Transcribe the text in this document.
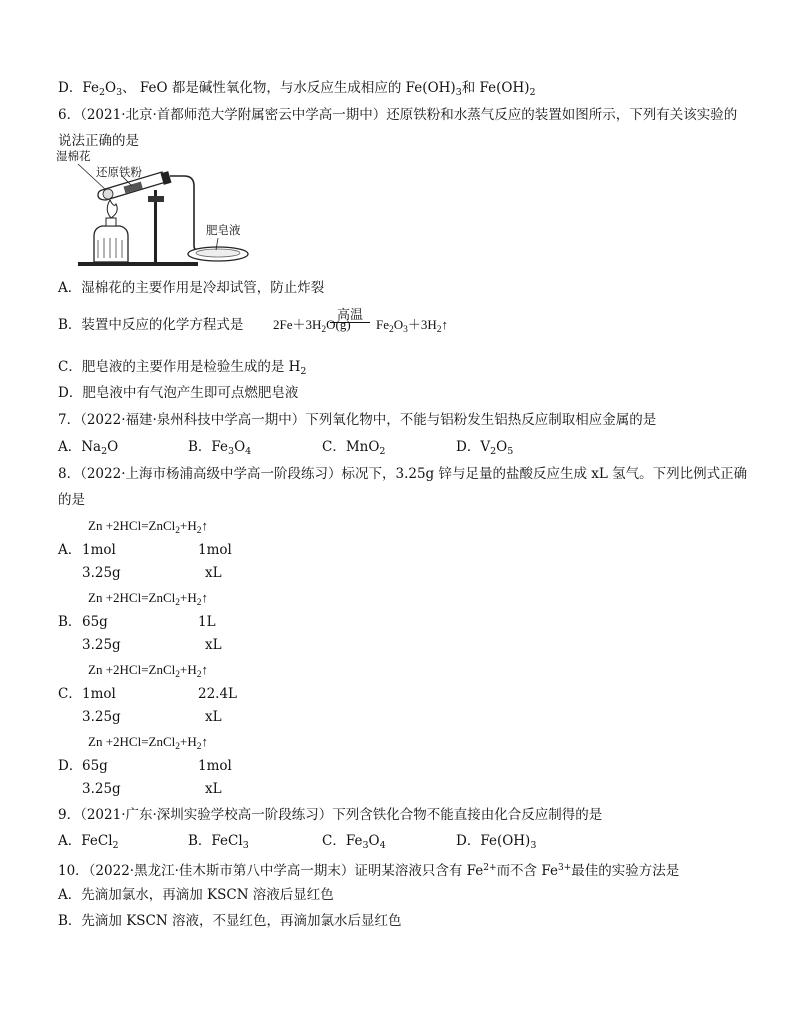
D．$Fe_2O_3$、 FeO 都是碱性氧化物，与水反应生成相应的 $Fe(OH)_3$和 $Fe(OH)_2$
6．（2021·北京·首都师范大学附属密云中学高一期中）还原铁粉和水蒸气反应的装置如图所示，下列有关该实验的
说法正确的是
湿棉花
还原铁粉
肥皂液
A．湿棉花的主要作用是冷却试管，防止炸裂
B．装置中反应的化学方程式是 $2Fe+3H_2O(g)$
高温
$Fe_2O_3+3H_2↑$
C．肥皂液的主要作用是检验生成的是 $H_2$
D．肥皂液中有气泡产生即可点燃肥皂液
7．（2022·福建·泉州科技中学高一期中）下列氧化物中，不能与铝粉发生铝热反应制取相应金属的是
A．$Na_2O$	B．$Fe_3O_4$	C．MnO$_2$	D．$V_2O_5$
8．（2022·上海市杨浦高级中学高一阶段练习）标况下，3.25g 锌与足量的盐酸反应生成 xL 氢气。下列比例式正确
的是
$Zn +2HCl=ZnCl_2+H_2↑$
A． 1mol	1mol
3.25g	xL
$Zn +2HCl=ZnCl_2+H_2↑$
B． 65g	1L
3.25g	xL
$Zn +2HCl=ZnCl_2+H_2↑$
C． 1mol	22.4L
3.25g	xL
$Zn +2HCl=ZnCl_2+H_2↑$
D． 65g	1mol
3.25g	xL
9．（2021·广东·深圳实验学校高一阶段练习）下列含铁化合物不能直接由化合反应制得的是
A．FeCl$_2$	B．FeCl$_3$	C．$Fe_3O_4$	D．$Fe(OH)_3$
10．（2022·黑龙江·佳木斯市第八中学高一期末）证明某溶液只含有 $Fe^{2+}$而不含 $Fe^{3+}$最佳的实验方法是
A．先滴加氯水，再滴加 KSCN 溶液后显红色
B．先滴加 KSCN 溶液，不显红色，再滴加氯水后显红色
